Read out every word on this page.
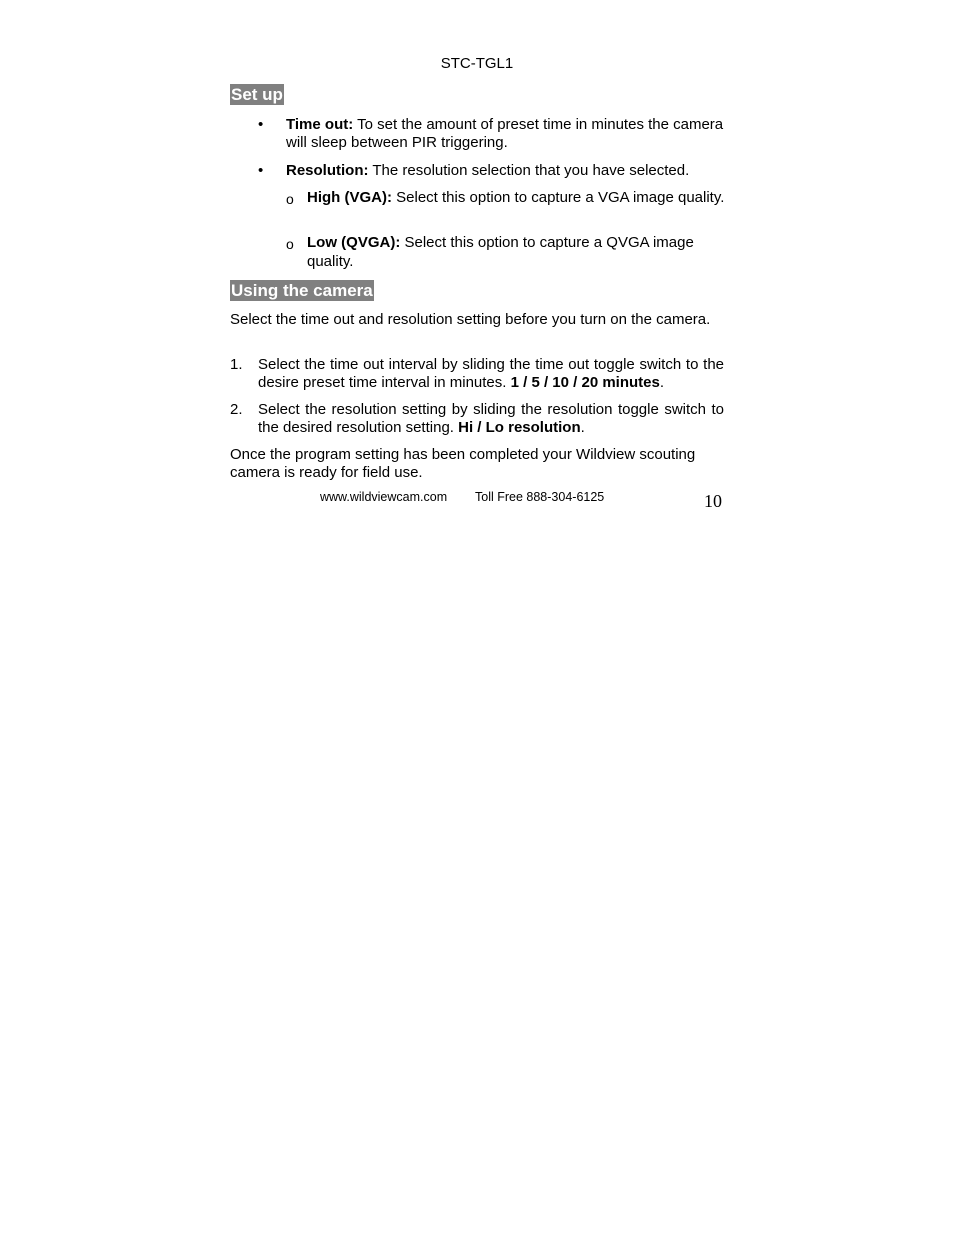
STC-TGL1
Set up
• Time out: To set the amount of preset time in minutes the camera will sleep between PIR triggering.
• Resolution: The resolution selection that you have selected.
o High (VGA): Select this option to capture a VGA image quality.
o Low (QVGA): Select this option to capture a QVGA image quality.
Using the camera
Select the time out and resolution setting before you turn on the camera.
1. Select the time out interval by sliding the time out toggle switch to the desire preset time interval in minutes. 1 / 5 / 10 / 20 minutes.
2. Select the resolution setting by sliding the resolution toggle switch to the desired resolution setting. Hi / Lo resolution.
Once the program setting has been completed your Wildview scouting camera is ready for field use.
www.wildviewcam.com Toll Free 888-304-6125	10
